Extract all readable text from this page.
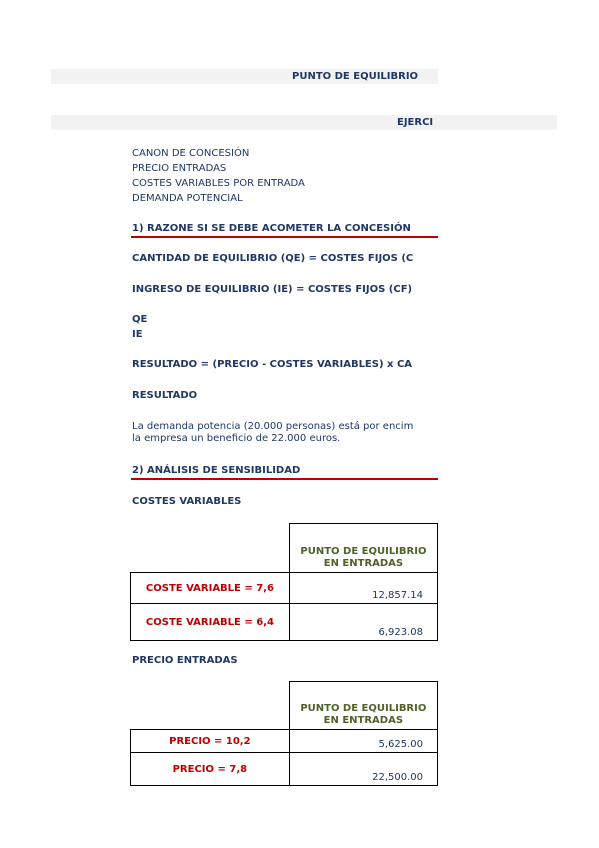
PUNTO DE EQUILIBRIO
EJERCI
CANON DE CONCESIÓN
PRECIO ENTRADAS
COSTES VARIABLES POR ENTRADA
DEMANDA POTENCIAL
1) RAZONE SI SE DEBE ACOMETER LA CONCESIÓN
CANTIDAD DE EQUILIBRIO (QE) = COSTES FIJOS (C
INGRESO DE EQUILIBRIO (IE) = COSTES FIJOS (CF)
QE
IE
RESULTADO = (PRECIO - COSTES VARIABLES) x CA
RESULTADO
La demanda potencia (20.000 personas) está por encim
la empresa un beneficio de 22.000 euros.
2) ANÁLISIS DE SENSIBILIDAD
COSTES VARIABLES

	PUNTO DE EQUILIBRIO
EN ENTRADAS

COSTE VARIABLE = 7,6	12,857.14
COSTE VARIABLE = 6,4	6,923.08
PRECIO ENTRADAS

	PUNTO DE EQUILIBRIO
EN ENTRADAS

PRECIO = 10,2	5,625.00
PRECIO = 7,8	22,500.00
